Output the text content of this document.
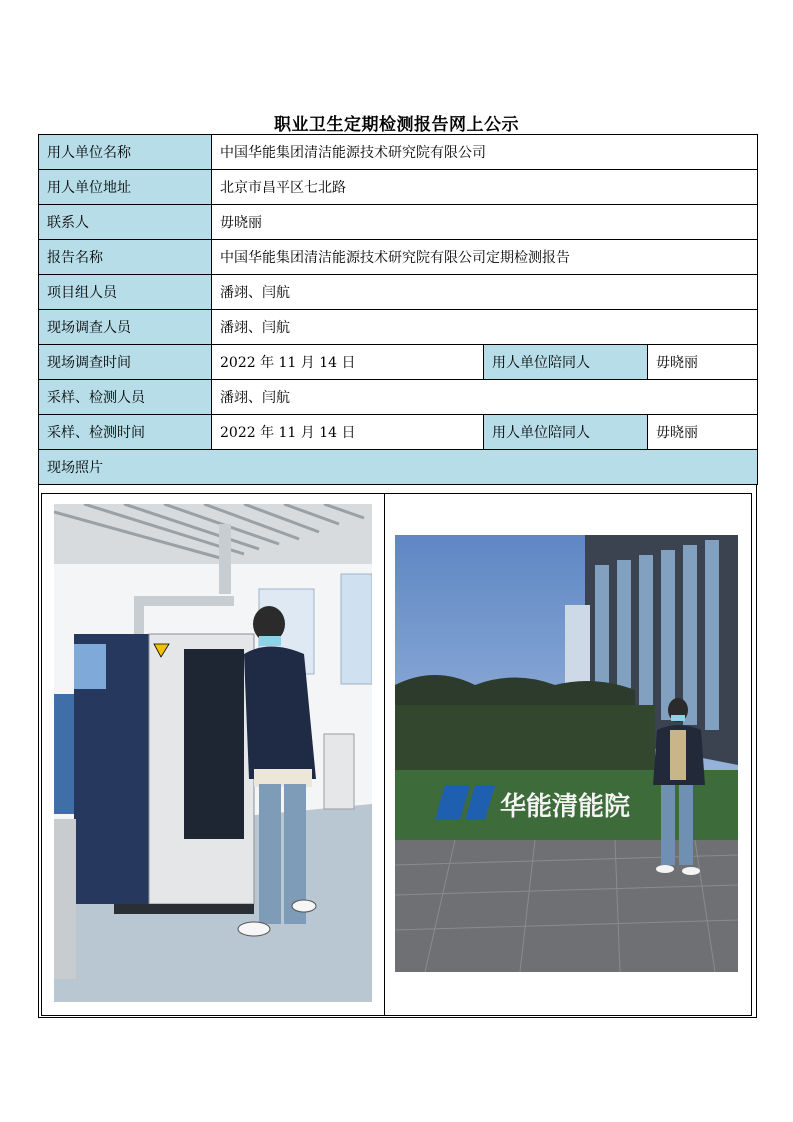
职业卫生定期检测报告网上公示
用人单位名称	中国华能集团清洁能源技术研究院有限公司		
用人单位地址	北京市昌平区七北路		
联系人	毋晓丽		
报告名称	中国华能集团清洁能源技术研究院有限公司定期检测报告		
项目组人员	潘翊、闫航		
现场调查人员	潘翊、闫航		
现场调查时间	2022 年 11 月 14 日	用人单位陪同人	毋晓丽
采样、检测人员	潘翊、闫航		
采样、检测时间	2022 年 11 月 14 日	用人单位陪同人	毋晓丽
现场照片			
华能清能院
